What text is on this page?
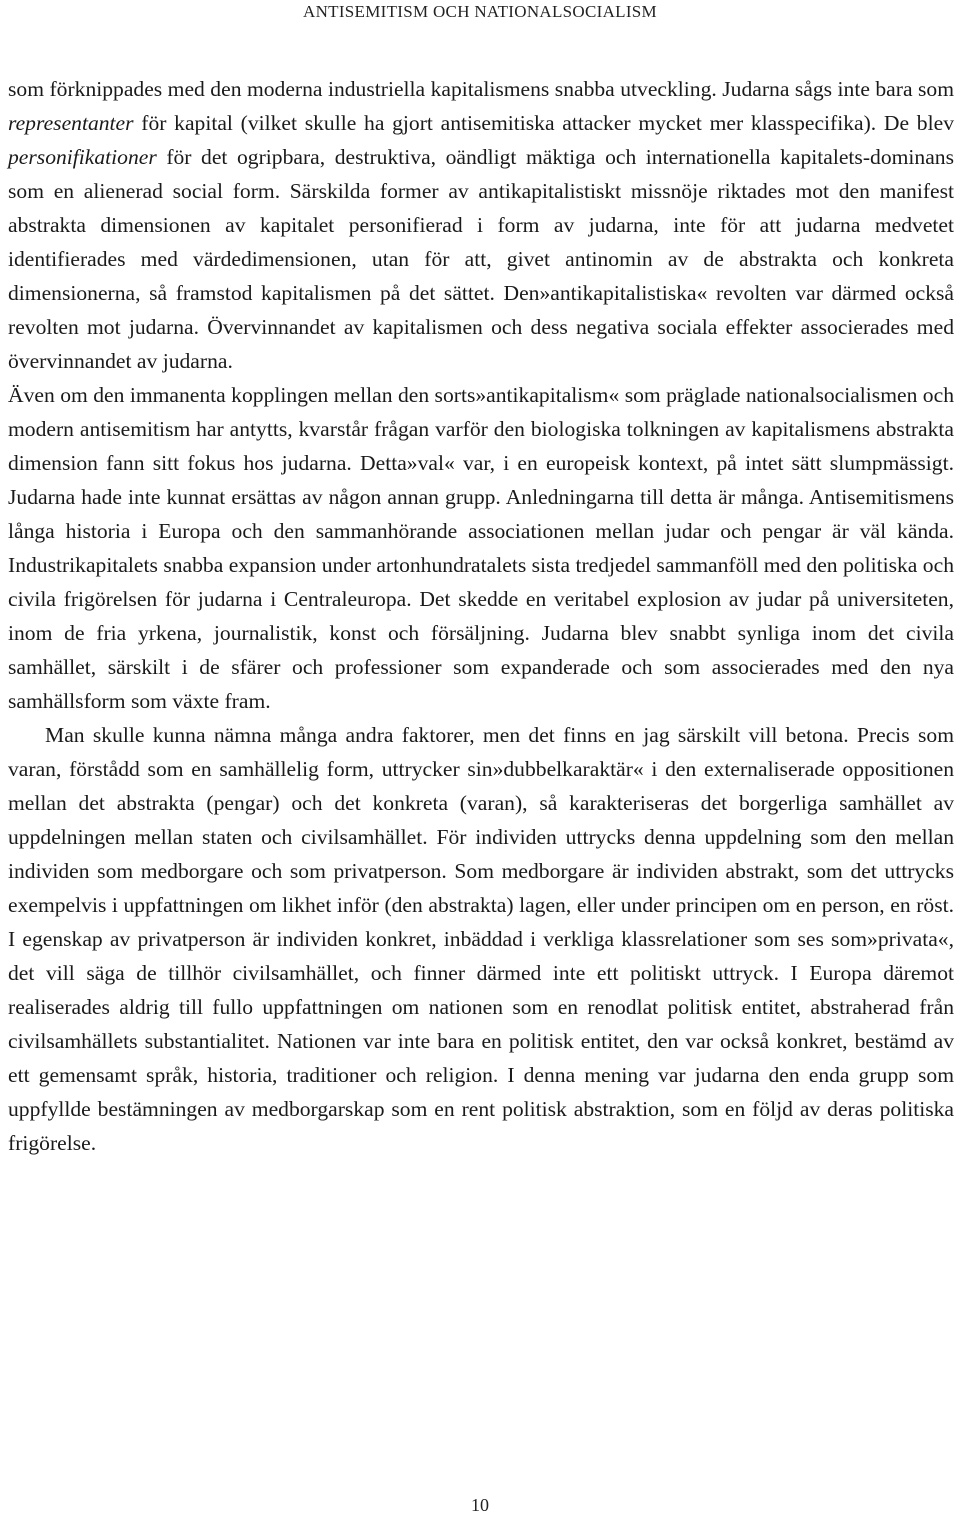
ANTISEMITISM OCH NATIONALSOCIALISM

som förknippades med den moderna industriella kapitalismens snabba utveckling. Judarna sågs inte bara som representanter för kapital (vilket skulle ha gjort antisemitiska attacker mycket mer klasspecifika). De blev personifikationer för det ogripbara, destruktiva, oändligt mäktiga och internationella kapitalets-dominans som en alienerad social form. Särskilda former av antikapitalistiskt missnöje riktades mot den manifest abstrakta dimensionen av kapitalet personifierad i form av judarna, inte för att judarna medvetet identifierades med värdedimensionen, utan för att, givet antinomin av de abstrakta och konkreta dimensionerna, så framstod kapitalismen på det sättet. Den»antikapitalistiska« revolten var därmed också revolten mot judarna. Övervinnandet av kapitalismen och dess negativa sociala effekter associerades med övervinnandet av judarna.

Även om den immanenta kopplingen mellan den sorts»antikapitalism« som präglade nationalsocialismen och modern antisemitism har antytts, kvarstår frågan varför den biologiska tolkningen av kapitalismens abstrakta dimension fann sitt fokus hos judarna. Detta»val« var, i en europeisk kontext, på intet sätt slumpmässigt. Judarna hade inte kunnat ersättas av någon annan grupp. Anledningarna till detta är många. Antisemitismens långa historia i Europa och den sammanhörande associationen mellan judar och pengar är väl kända. Industrikapitalets snabba expansion under artonhundratalets sista tredjedel sammanföll med den politiska och civila frigörelsen för judarna i Centraleuropa. Det skedde en veritabel explosion av judar på universiteten, inom de fria yrkena, journalistik, konst och försäljning. Judarna blev snabbt synliga inom det civila samhället, särskilt i de sfärer och professioner som expanderade och som associerades med den nya samhällsform som växte fram.

Man skulle kunna nämna många andra faktorer, men det finns en jag särskilt vill betona. Precis som varan, förstådd som en samhällelig form, uttrycker sin»dubbelkaraktär« i den externaliserade oppositionen mellan det abstrakta (pengar) och det konkreta (varan), så karakteriseras det borgerliga samhället av uppdelningen mellan staten och civilsamhället. För individen uttrycks denna uppdelning som den mellan individen som medborgare och som privatperson. Som medborgare är individen abstrakt, som det uttrycks exempelvis i uppfattningen om likhet inför (den abstrakta) lagen, eller under principen om en person, en röst. I egenskap av privatperson är individen konkret, inbäddad i verkliga klassrelationer som ses som»privata«, det vill säga de tillhör civilsamhället, och finner därmed inte ett politiskt uttryck. I Europa däremot realiserades aldrig till fullo uppfattningen om nationen som en renodlat politisk entitet, abstraherad från civilsamhällets substantialitet. Nationen var inte bara en politisk entitet, den var också konkret, bestämd av ett gemensamt språk, historia, traditioner och religion. I denna mening var judarna den enda grupp som uppfyllde bestämningen av medborgarskap som en rent politisk abstraktion, som en följd av deras politiska frigörelse.

10
